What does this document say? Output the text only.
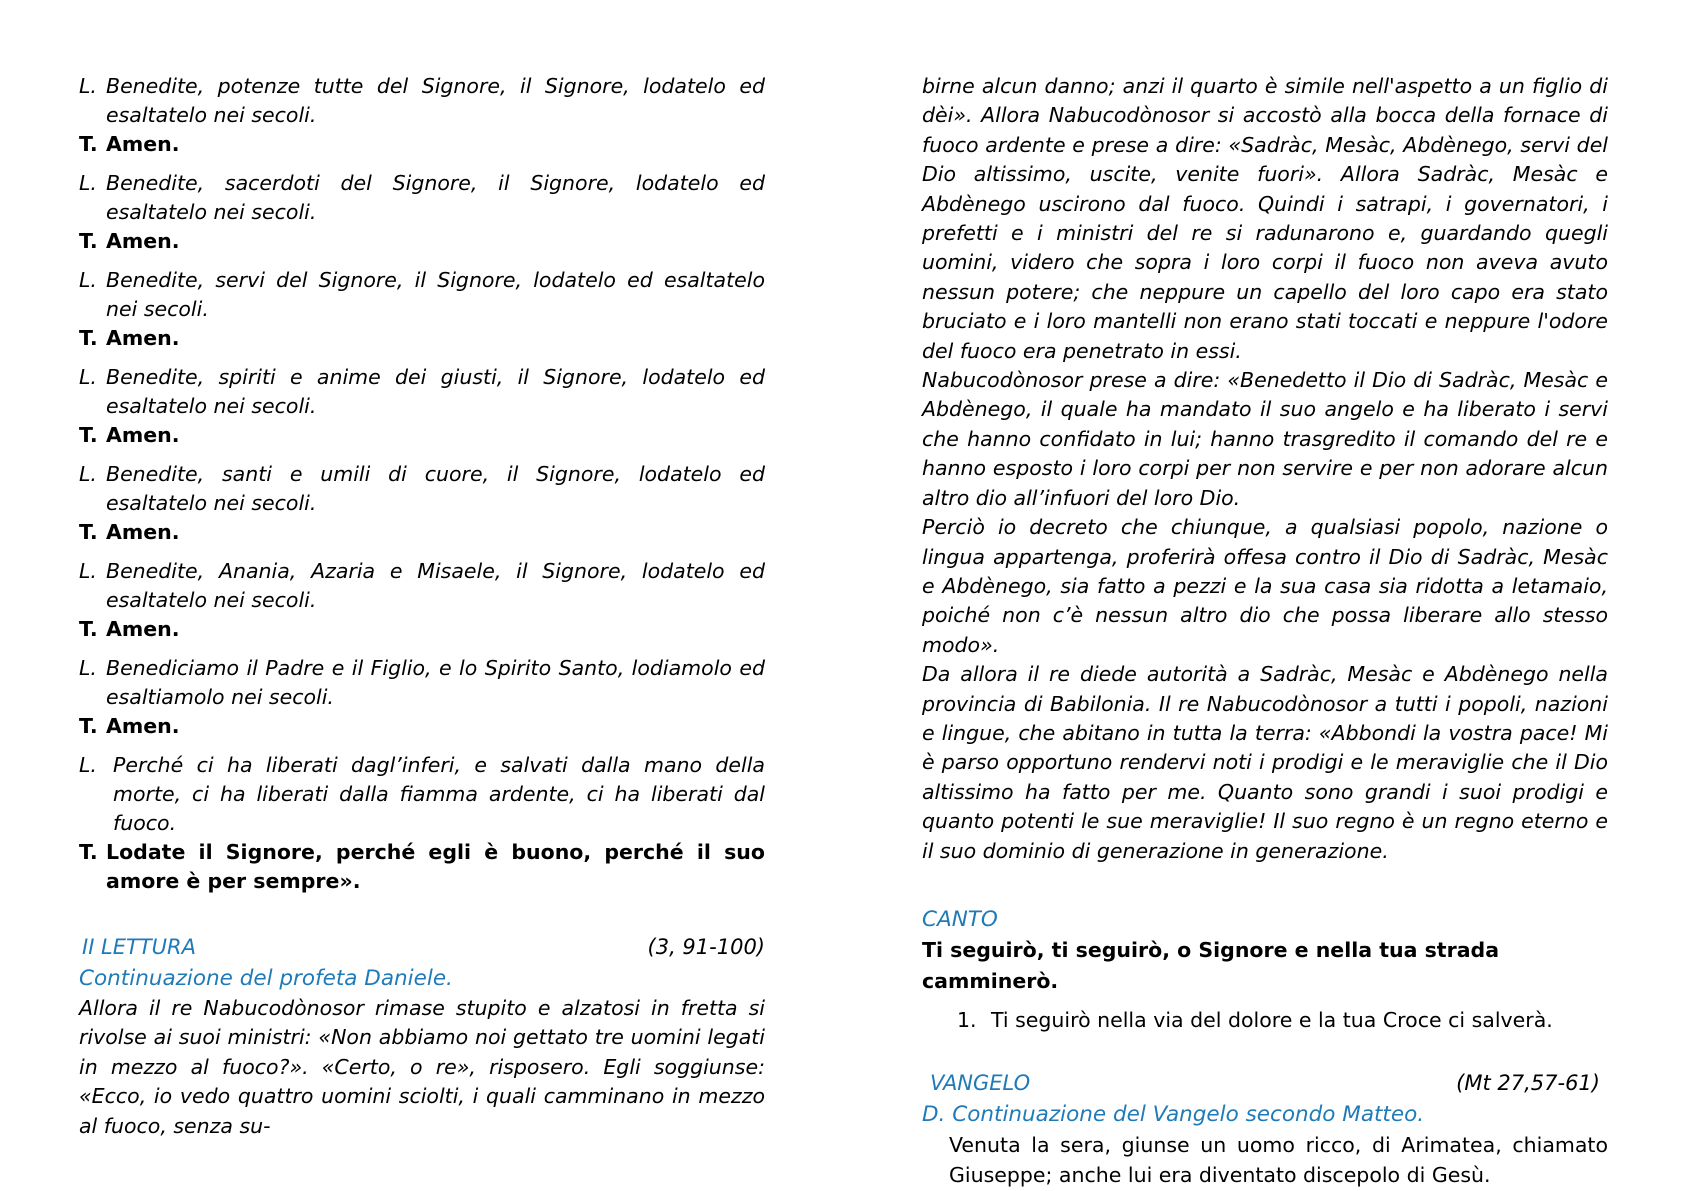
L. Benedite, potenze tutte del Signore, il Signore, lodatelo ed esaltatelo nei secoli.
T. Amen.
L. Benedite, sacerdoti del Signore, il Signore, lodatelo ed esaltatelo nei secoli.
T. Amen.
L. Benedite, servi del Signore, il Signore, lodatelo ed esaltatelo nei secoli.
T. Amen.
L. Benedite, spiriti e anime dei giusti, il Signore, lodatelo ed esaltatelo nei secoli.
T. Amen.
L. Benedite, santi e umili di cuore, il Signore, lodatelo ed esaltatelo nei secoli.
T. Amen.
L. Benedite, Anania, Azaria e Misaele, il Signore, lodatelo ed esaltatelo nei secoli.
T. Amen.
L. Benediciamo il Padre e il Figlio, e lo Spirito Santo, lodiamolo ed esaltiamolo nei secoli.
T. Amen.
L. Perché ci ha liberati dagl’inferi, e salvati dalla mano della morte, ci ha liberati dalla fiamma ardente, ci ha liberati dal fuoco.
T. Lodate il Signore, perché egli è buono, perché il suo amore è per sempre».
II LETTURA	(3, 91-100)
Continuazione del profeta Daniele.
Allora il re Nabucodònosor rimase stupito e alzatosi in fretta si rivolse ai suoi ministri: «Non abbiamo noi gettato tre uomini legati in mezzo al fuoco?». «Certo, o re», risposero. Egli soggiunse: «Ecco, io vedo quattro uomini sciolti, i quali camminano in mezzo al fuoco, senza su-
birne alcun danno; anzi il quarto è simile nell'aspetto a un figlio di dèi». Allora Nabucodònosor si accostò alla bocca della fornace di fuoco ardente e prese a dire: «Sadràc, Mesàc, Abdènego, servi del Dio altissimo, uscite, venite fuori». Allora Sadràc, Mesàc e Abdènego uscirono dal fuoco. Quindi i satrapi, i governatori, i prefetti e i ministri del re si radunarono e, guardando quegli uomini, videro che sopra i loro corpi il fuoco non aveva avuto nessun potere; che neppure un capello del loro capo era stato bruciato e i loro mantelli non erano stati toccati e neppure l'odore del fuoco era penetrato in essi.
Nabucodònosor prese a dire: «Benedetto il Dio di Sadràc, Mesàc e Abdènego, il quale ha mandato il suo angelo e ha liberato i servi che hanno confidato in lui; hanno trasgredito il comando del re e hanno esposto i loro corpi per non servire e per non adorare alcun altro dio all’infuori del loro Dio.
Perciò io decreto che chiunque, a qualsiasi popolo, nazione o lingua appartenga, proferirà offesa contro il Dio di Sadràc, Mesàc e Abdènego, sia fatto a pezzi e la sua casa sia ridotta a letamaio, poiché non c’è nessun altro dio che possa liberare allo stesso modo».
Da allora il re diede autorità a Sadràc, Mesàc e Abdènego nella provincia di Babilonia. Il re Nabucodònosor a tutti i popoli, nazioni e lingue, che abitano in tutta la terra: «Abbondi la vostra pace! Mi è parso opportuno rendervi noti i prodigi e le meraviglie che il Dio altissimo ha fatto per me. Quanto sono grandi i suoi prodigi e quanto potenti le sue meraviglie! Il suo regno è un regno eterno e il suo dominio di generazione in generazione.
CANTO
Ti seguirò, ti seguirò, o Signore e nella tua strada camminerò.
1. Ti seguirò nella via del dolore e la tua Croce ci salverà.
VANGELO	(Mt 27,57-61)
D. Continuazione del Vangelo secondo Matteo.
Venuta la sera, giunse un uomo ricco, di Arimatea, chiamato Giuseppe; anche lui era diventato discepolo di Gesù.
